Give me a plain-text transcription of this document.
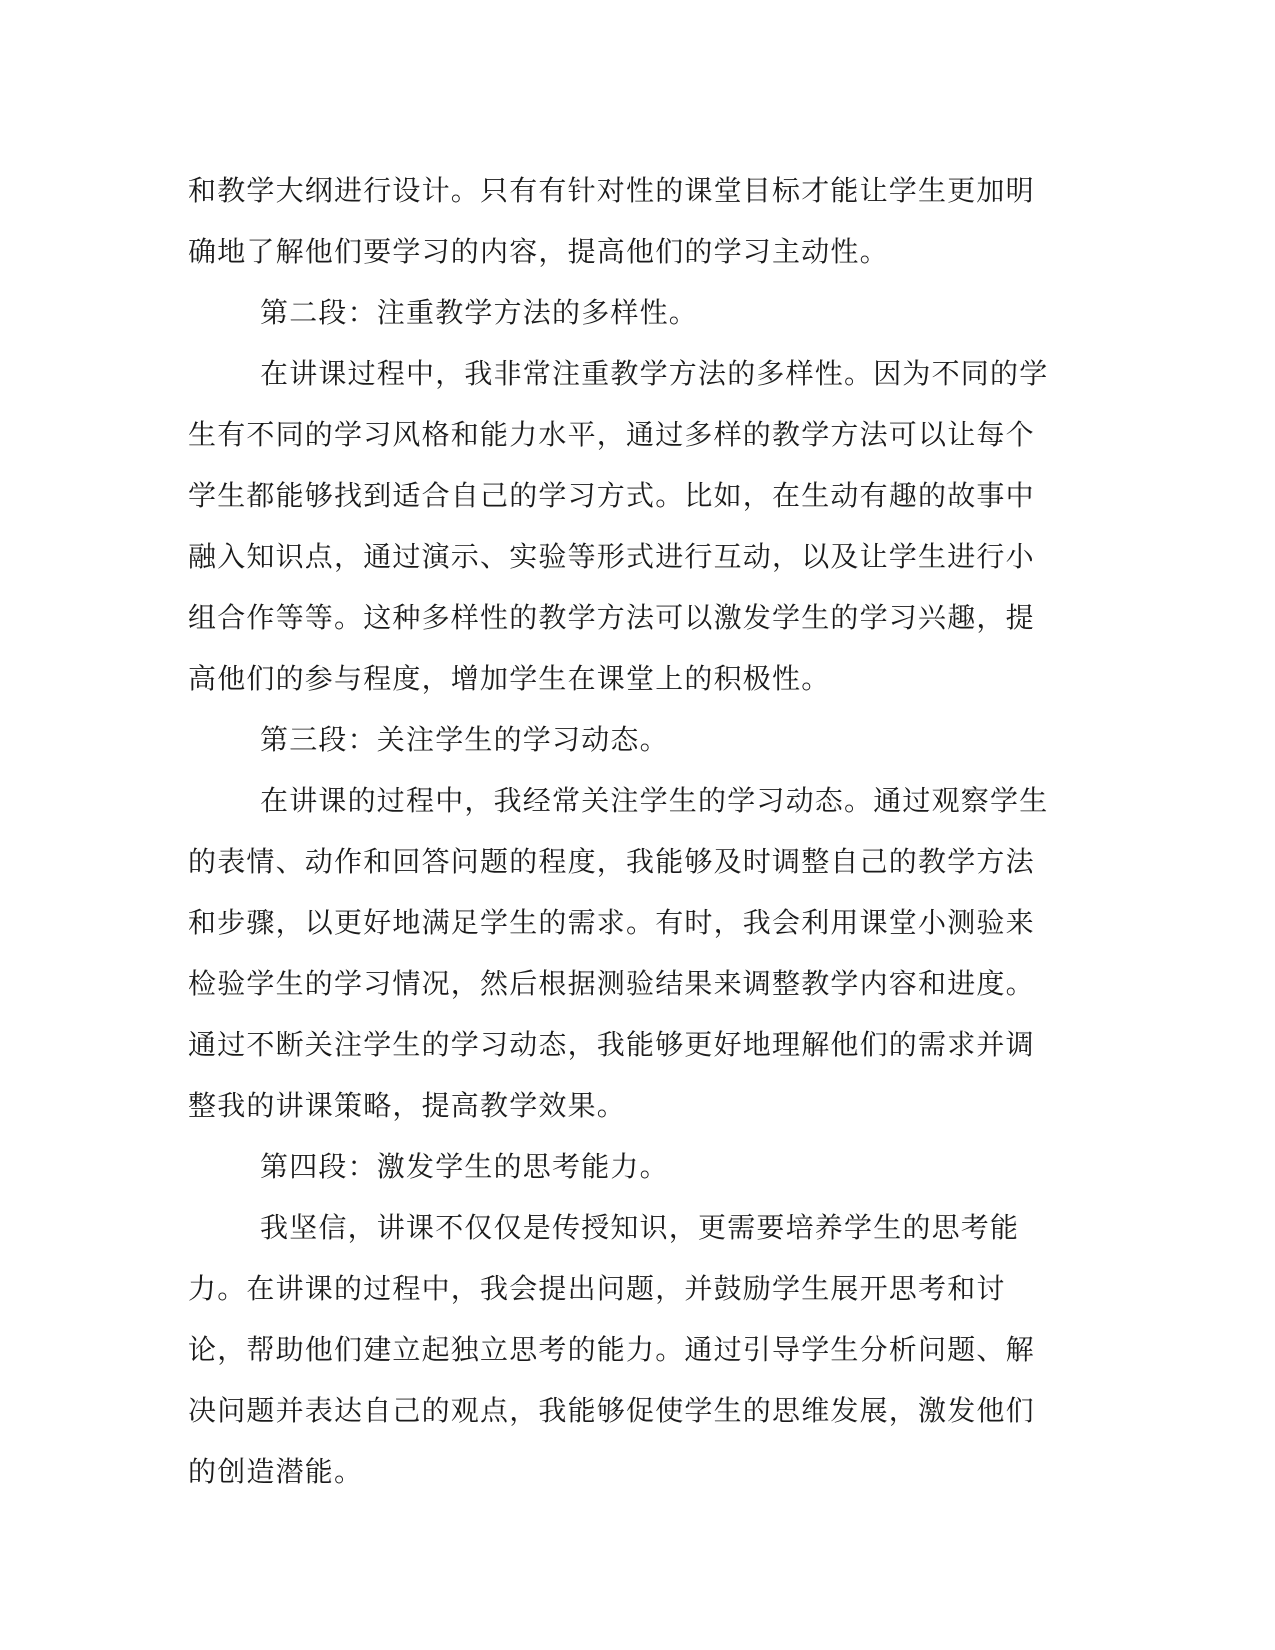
和教学大纲进行设计。只有有针对性的课堂目标才能让学生更加明确地了解他们要学习的内容，提高他们的学习主动性。

第二段：注重教学方法的多样性。

在讲课过程中，我非常注重教学方法的多样性。因为不同的学生有不同的学习风格和能力水平，通过多样的教学方法可以让每个学生都能够找到适合自己的学习方式。比如，在生动有趣的故事中融入知识点，通过演示、实验等形式进行互动，以及让学生进行小组合作等等。这种多样性的教学方法可以激发学生的学习兴趣，提高他们的参与程度，增加学生在课堂上的积极性。

第三段：关注学生的学习动态。

在讲课的过程中，我经常关注学生的学习动态。通过观察学生的表情、动作和回答问题的程度，我能够及时调整自己的教学方法和步骤，以更好地满足学生的需求。有时，我会利用课堂小测验来检验学生的学习情况，然后根据测验结果来调整教学内容和进度。通过不断关注学生的学习动态，我能够更好地理解他们的需求并调整我的讲课策略，提高教学效果。

第四段：激发学生的思考能力。

我坚信，讲课不仅仅是传授知识，更需要培养学生的思考能力。在讲课的过程中，我会提出问题，并鼓励学生展开思考和讨论，帮助他们建立起独立思考的能力。通过引导学生分析问题、解决问题并表达自己的观点，我能够促使学生的思维发展，激发他们的创造潜能。
